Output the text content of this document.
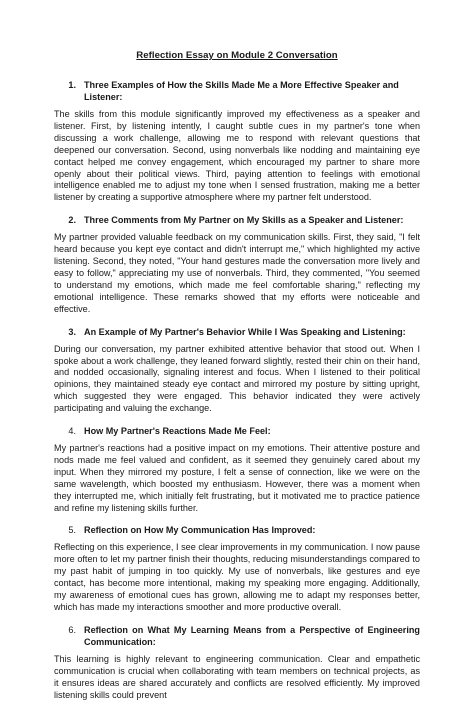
Reflection Essay on Module 2 Conversation
1. Three Examples of How the Skills Made Me a More Effective Speaker and Listener:

The skills from this module significantly improved my effectiveness as a speaker and listener. First, by listening intently, I caught subtle cues in my partner's tone when discussing a work challenge, allowing me to respond with relevant questions that deepened our conversation. Second, using nonverbals like nodding and maintaining eye contact helped me convey engagement, which encouraged my partner to share more openly about their political views. Third, paying attention to feelings with emotional intelligence enabled me to adjust my tone when I sensed frustration, making me a better listener by creating a supportive atmosphere where my partner felt understood.

2. Three Comments from My Partner on My Skills as a Speaker and Listener:

My partner provided valuable feedback on my communication skills. First, they said, "I felt heard because you kept eye contact and didn't interrupt me," which highlighted my active listening. Second, they noted, "Your hand gestures made the conversation more lively and easy to follow," appreciating my use of nonverbals. Third, they commented, "You seemed to understand my emotions, which made me feel comfortable sharing," reflecting my emotional intelligence. These remarks showed that my efforts were noticeable and effective.

3. An Example of My Partner's Behavior While I Was Speaking and Listening:

During our conversation, my partner exhibited attentive behavior that stood out. When I spoke about a work challenge, they leaned forward slightly, rested their chin on their hand, and nodded occasionally, signaling interest and focus. When I listened to their political opinions, they maintained steady eye contact and mirrored my posture by sitting upright, which suggested they were engaged. This behavior indicated they were actively participating and valuing the exchange.

4. How My Partner's Reactions Made Me Feel:

My partner's reactions had a positive impact on my emotions. Their attentive posture and nods made me feel valued and confident, as it seemed they genuinely cared about my input. When they mirrored my posture, I felt a sense of connection, like we were on the same wavelength, which boosted my enthusiasm. However, there was a moment when they interrupted me, which initially felt frustrating, but it motivated me to practice patience and refine my listening skills further.

5. Reflection on How My Communication Has Improved:

Reflecting on this experience, I see clear improvements in my communication. I now pause more often to let my partner finish their thoughts, reducing misunderstandings compared to my past habit of jumping in too quickly. My use of nonverbals, like gestures and eye contact, has become more intentional, making my speaking more engaging. Additionally, my awareness of emotional cues has grown, allowing me to adapt my responses better, which has made my interactions smoother and more productive overall.

6. Reflection on What My Learning Means from a Perspective of Engineering Communication:

This learning is highly relevant to engineering communication. Clear and empathetic communication is crucial when collaborating with team members on technical projects, as it ensures ideas are shared accurately and conflicts are resolved efficiently. My improved listening skills could prevent
